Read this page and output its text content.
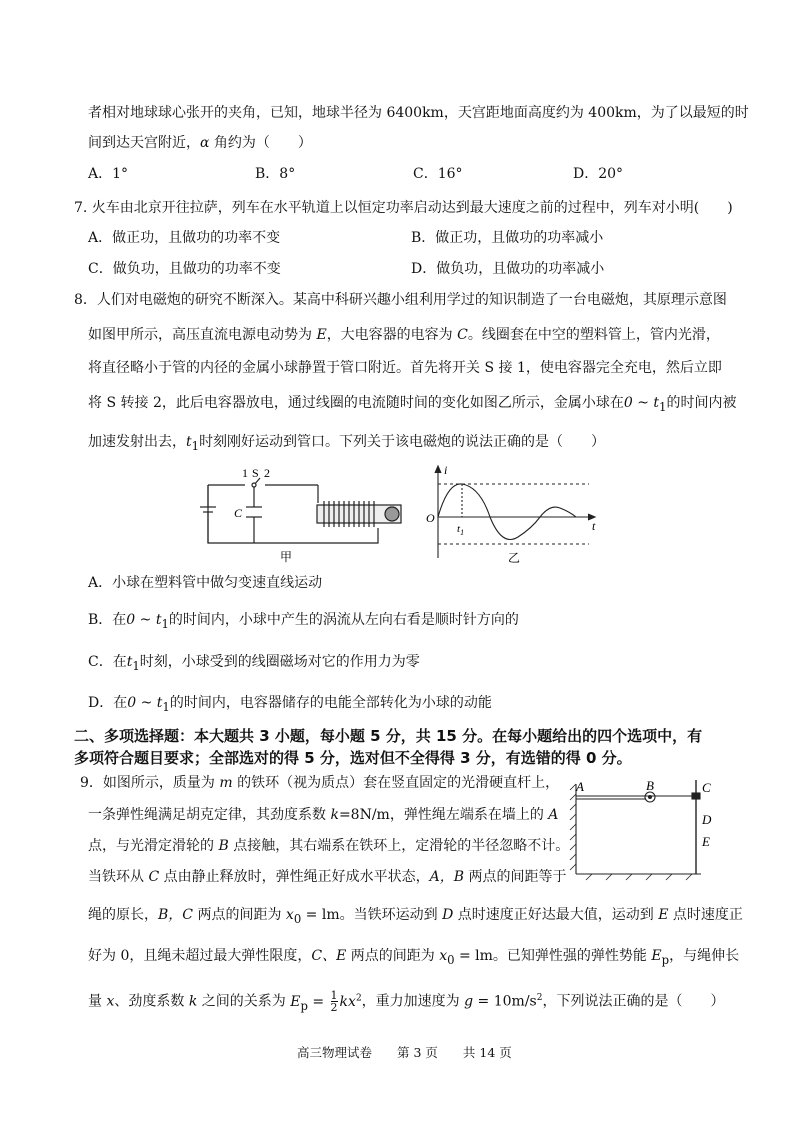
者相对地球球心张开的夹角，已知，地球半径为 6400km，天宫距地面高度约为 400km，为了以最短的时
间到达天宫附近，α 角约为（　　）
A．1°	B．8°	C．16°	D．20°
7. 火车由北京开往拉萨，列车在水平轨道上以恒定功率启动达到最大速度之前的过程中，列车对小明(　　)
A．做正功，且做功的功率不变	B．做正功，且做功的功率减小
C．做负功，且做功的功率不变	D．做负功，且做功的功率减小
8．人们对电磁炮的研究不断深入。某高中科研兴趣小组利用学过的知识制造了一台电磁炮，其原理示意图
如图甲所示，高压直流电源电动势为 E，大电容器的电容为 C。线圈套在中空的塑料管上，管内光滑，
将直径略小于管的内径的金属小球静置于管口附近。首先将开关 S 接 1，使电容器完全充电，然后立即
将 S 转接 2，此后电容器放电，通过线圈的电流随时间的变化如图乙所示，金属小球在0 ~ $t_1$的时间内被
加速发射出去，$t_1$时刻刚好运动到管口。下列关于该电磁炮的说法正确的是（　　）
1 S 2
C
甲
i
O
t
$t_1$
乙
A．小球在塑料管中做匀变速直线运动
B．在0 ~ $t_1$的时间内，小球中产生的涡流从左向右看是顺时针方向的
C．在$t_1$时刻，小球受到的线圈磁场对它的作用力为零
D．在0 ~ $t_1$的时间内，电容器储存的电能全部转化为小球的动能
二、多项选择题：本大题共 3 小题，每小题 5 分，共 15 分。在每小题给出的四个选项中，有
多项符合题目要求；全部选对的得 5 分，选对但不全得得 3 分，有选错的得 0 分。
9．如图所示，质量为 m 的铁环（视为质点）套在竖直固定的光滑硬直杆上，
一条弹性绳满足胡克定律，其劲度系数 k=8N/m，弹性绳左端系在墙上的 A
点，与光滑定滑轮的 B 点接触，其右端系在铁环上，定滑轮的半径忽略不计。
当铁环从 C 点由静止释放时，弹性绳正好成水平状态，A，B 两点的间距等于
绳的原长，B，C 两点的间距为 $x_0$ = lm。当铁环运动到 D 点时速度正好达最大值，运动到 E 点时速度正
好为 0，且绳未超过最大弹性限度，C、E 两点的间距为 $x_0$ = lm。已知弹性强的弹性势能 $E_p$，与绳伸长
量 x、劲度系数 k 之间的关系为 $E_p = \frac{1}{2} kx^2$，重力加速度为 $g = 10m/s^2$，下列说法正确的是（　　）
A	B	C
D
E
高三物理试卷　　第 3 页　　共 14 页
